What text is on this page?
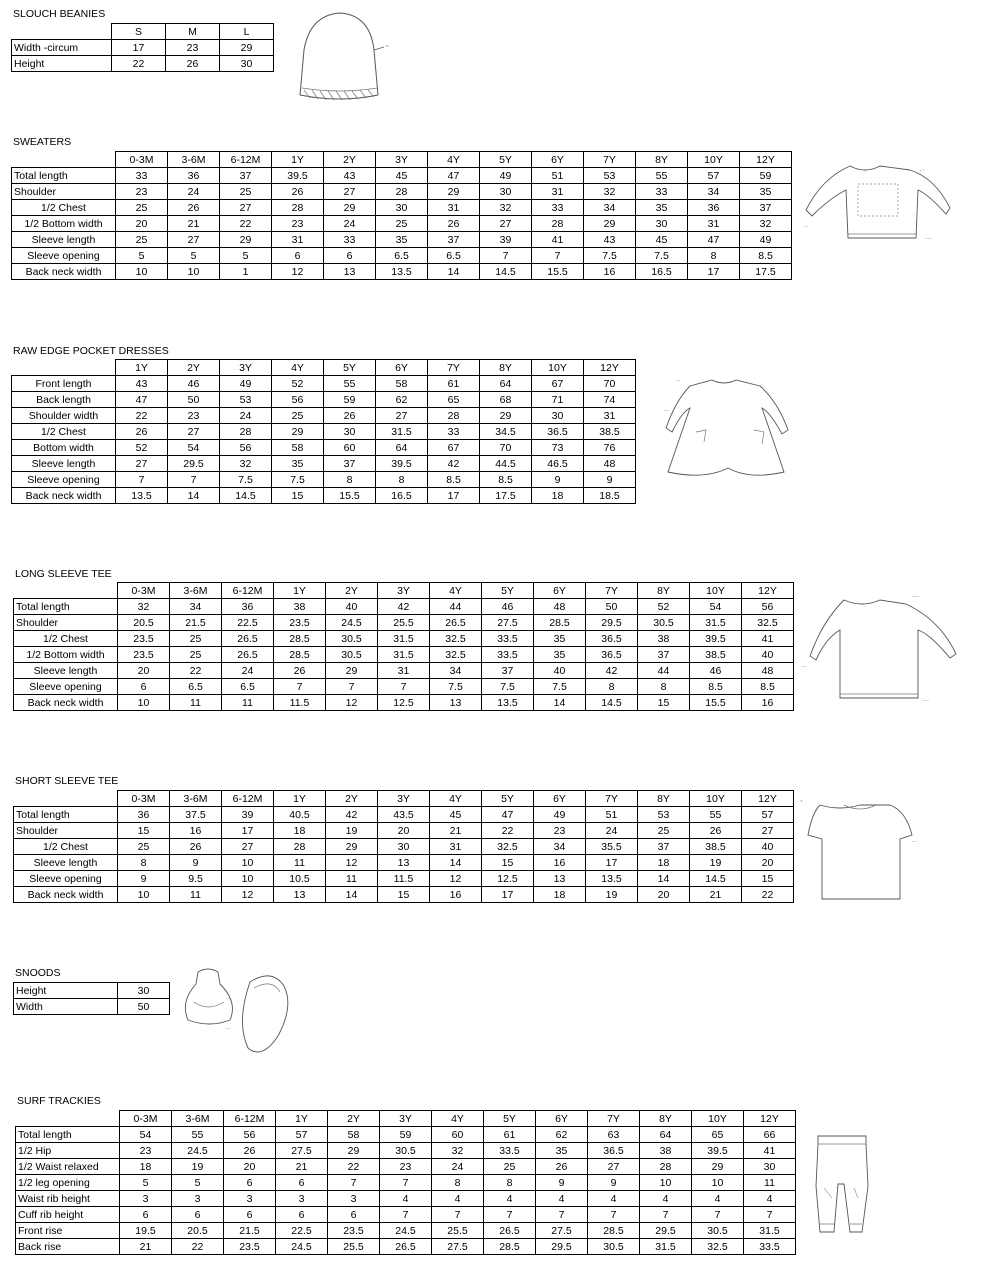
SLOUCH BEANIES
	S	M	L
Width -circum	17	23	29
Height	22	26	30
~
SWEATERS
	0-3M	3-6M	6-12M	1Y	2Y	3Y	4Y	5Y	6Y	7Y	8Y	10Y	12Y
Total length	33	36	37	39.5	43	45	47	49	51	53	55	57	59
Shoulder	23	24	25	26	27	28	29	30	31	32	33	34	35
1/2 Chest	25	26	27	28	29	30	31	32	33	34	35	36	37
1/2 Bottom width	20	21	22	23	24	25	26	27	28	29	30	31	32
Sleeve length	25	27	29	31	33	35	37	39	41	43	45	47	49
Sleeve opening	5	5	5	6	6	6.5	6.5	7	7	7.5	7.5	8	8.5
Back neck width	10	10	1	12	13	13.5	14	14.5	15.5	16	16.5	17	17.5
~~
~~
~~~
RAW EDGE POCKET DRESSES
	1Y	2Y	3Y	4Y	5Y	6Y	7Y	8Y	10Y	12Y
Front length	43	46	49	52	55	58	61	64	67	70
Back length	47	50	53	56	59	62	65	68	71	74
Shoulder width	22	23	24	25	26	27	28	29	30	31
1/2 Chest	26	27	28	29	30	31.5	33	34.5	36.5	38.5
Bottom width	52	54	56	58	60	64	67	70	73	76
Sleeve length	27	29.5	32	35	37	39.5	42	44.5	46.5	48
Sleeve opening	7	7	7.5	7.5	8	8	8.5	8.5	9	9
Back neck width	13.5	14	14.5	15	15.5	16.5	17	17.5	18	18.5
~~
~~
LONG SLEEVE TEE
	0-3M	3-6M	6-12M	1Y	2Y	3Y	4Y	5Y	6Y	7Y	8Y	10Y	12Y
Total length	32	34	36	38	40	42	44	46	48	50	52	54	56
Shoulder	20.5	21.5	22.5	23.5	24.5	25.5	26.5	27.5	28.5	29.5	30.5	31.5	32.5
1/2 Chest	23.5	25	26.5	28.5	30.5	31.5	32.5	33.5	35	36.5	38	39.5	41
1/2 Bottom width	23.5	25	26.5	28.5	30.5	31.5	32.5	33.5	35	36.5	37	38.5	40
Sleeve length	20	22	24	26	29	31	34	37	40	42	44	46	48
Sleeve opening	6	6.5	6.5	7	7	7	7.5	7.5	7.5	8	8	8.5	8.5
Back neck width	10	11	11	11.5	12	12.5	13	13.5	14	14.5	15	15.5	16
~~~
~~
~~~
SHORT SLEEVE TEE
	0-3M	3-6M	6-12M	1Y	2Y	3Y	4Y	5Y	6Y	7Y	8Y	10Y	12Y
Total length	36	37.5	39	40.5	42	43.5	45	47	49	51	53	55	57
Shoulder	15	16	17	18	19	20	21	22	23	24	25	26	27
1/2 Chest	25	26	27	28	29	30	31	32.5	34	35.5	37	38.5	40
Sleeve length	8	9	10	11	12	13	14	15	16	17	18	19	20
Sleeve opening	9	9.5	10	10.5	11	11.5	12	12.5	13	13.5	14	14.5	15
Back neck width	10	11	12	13	14	15	16	17	18	19	20	21	22
~
~~
SNOODS
Height	30
Width	50
~~
~~
SURF TRACKIES
	0-3M	3-6M	6-12M	1Y	2Y	3Y	4Y	5Y	6Y	7Y	8Y	10Y	12Y
Total length	54	55	56	57	58	59	60	61	62	63	64	65	66
1/2 Hip	23	24.5	26	27.5	29	30.5	32	33.5	35	36.5	38	39.5	41
1/2 Waist relaxed	18	19	20	21	22	23	24	25	26	27	28	29	30
1/2 leg opening	5	5	6	6	7	7	8	8	9	9	10	10	11
Waist rib height	3	3	3	3	3	4	4	4	4	4	4	4	4
Cuff rib height	6	6	6	6	6	7	7	7	7	7	7	7	7
Front rise	19.5	20.5	21.5	22.5	23.5	24.5	25.5	26.5	27.5	28.5	29.5	30.5	31.5
Back rise	21	22	23.5	24.5	25.5	26.5	27.5	28.5	29.5	30.5	31.5	32.5	33.5
